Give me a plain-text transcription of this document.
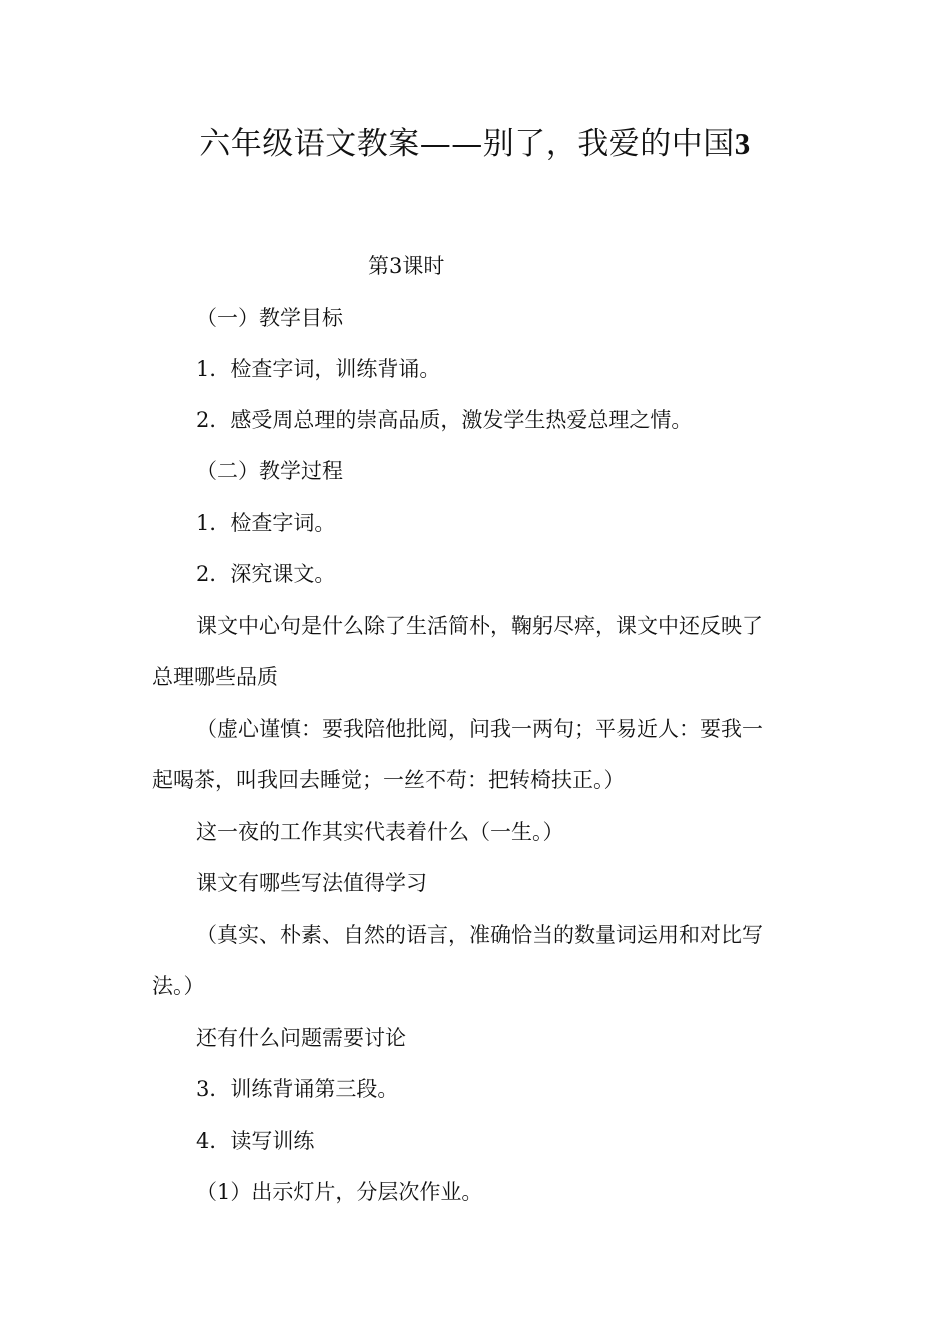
六年级语文教案——别了，我爱的中国3
第3课时
（一）教学目标
1．检查字词，训练背诵。
2．感受周总理的崇高品质，激发学生热爱总理之情。
（二）教学过程
1．检查字词。
2．深究课文。
课文中心句是什么除了生活简朴，鞠躬尽瘁，课文中还反映了
总理哪些品质
（虚心谨慎：要我陪他批阅，问我一两句；平易近人：要我一
起喝茶，叫我回去睡觉；一丝不苟：把转椅扶正。）
这一夜的工作其实代表着什么（一生。）
课文有哪些写法值得学习
（真实、朴素、自然的语言，准确恰当的数量词运用和对比写
法。）
还有什么问题需要讨论
3．训练背诵第三段。
4．读写训练
（1）出示灯片，分层次作业。
